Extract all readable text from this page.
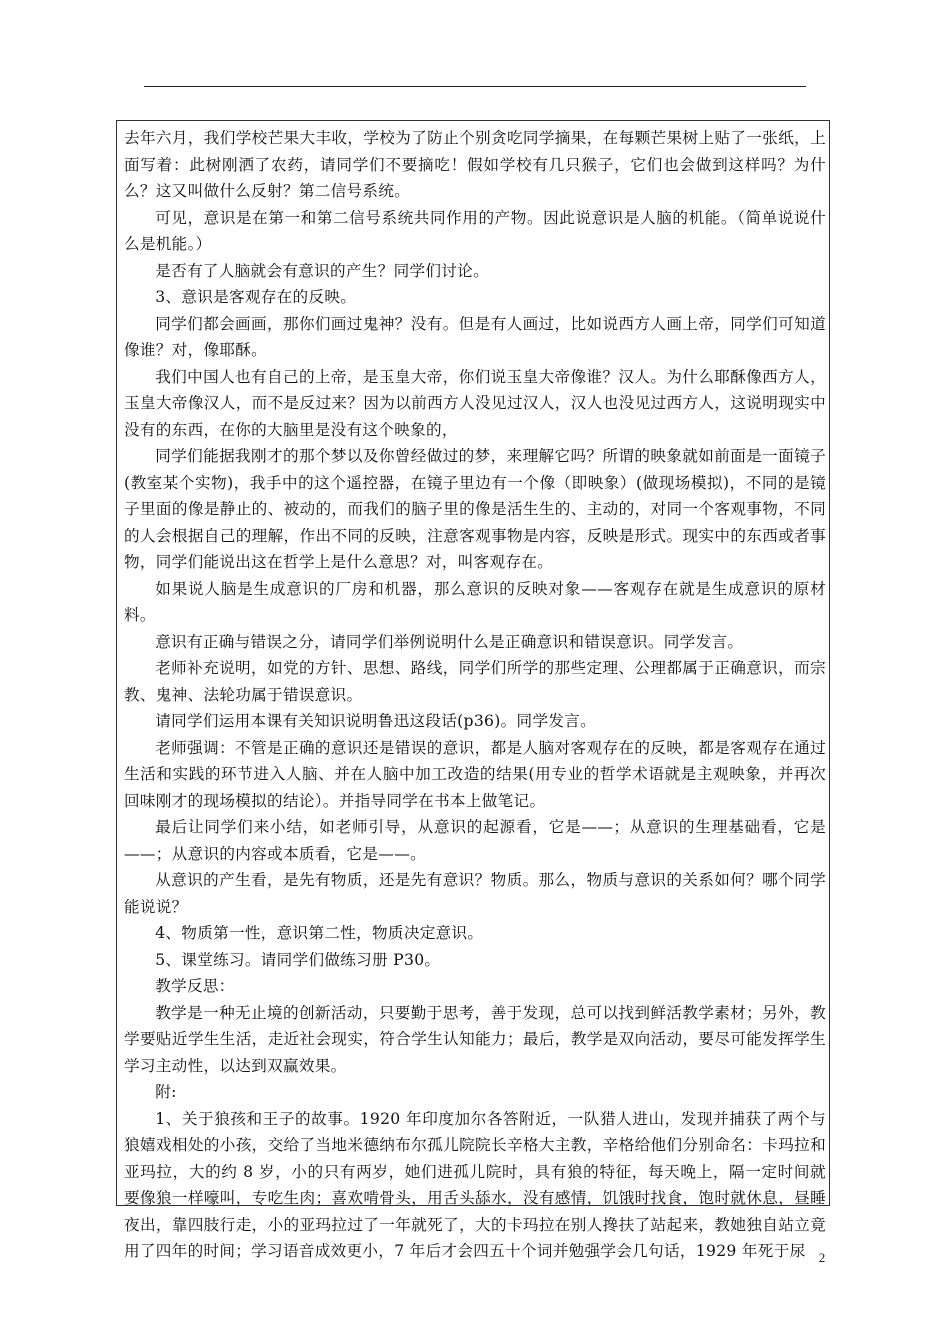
去年六月，我们学校芒果大丰收，学校为了防止个别贪吃同学摘果，在每颗芒果树上贴了一张纸，上面写着：此树刚洒了农药，请同学们不要摘吃！假如学校有几只猴子，它们也会做到这样吗？为什么？这又叫做什么反射？第二信号系统。

可见，意识是在第一和第二信号系统共同作用的产物。因此说意识是人脑的机能。（简单说说什么是机能。）

是否有了人脑就会有意识的产生？同学们讨论。

3、意识是客观存在的反映。

同学们都会画画，那你们画过鬼神？没有。但是有人画过，比如说西方人画上帝，同学们可知道像谁？对，像耶酥。

我们中国人也有自己的上帝，是玉皇大帝，你们说玉皇大帝像谁？汉人。为什么耶酥像西方人，玉皇大帝像汉人，而不是反过来？因为以前西方人没见过汉人，汉人也没见过西方人，这说明现实中没有的东西，在你的大脑里是没有这个映象的，

同学们能据我刚才的那个梦以及你曾经做过的梦，来理解它吗？所谓的映象就如前面是一面镜子(教室某个实物)，我手中的这个遥控器，在镜子里边有一个像（即映象）(做现场模拟)，不同的是镜子里面的像是静止的、被动的，而我们的脑子里的像是活生生的、主动的，对同一个客观事物，不同的人会根据自己的理解，作出不同的反映，注意客观事物是内容，反映是形式。现实中的东西或者事物，同学们能说出这在哲学上是什么意思？对，叫客观存在。

如果说人脑是生成意识的厂房和机器，那么意识的反映对象——客观存在就是生成意识的原材料。

意识有正确与错误之分，请同学们举例说明什么是正确意识和错误意识。同学发言。

老师补充说明，如党的方针、思想、路线，同学们所学的那些定理、公理都属于正确意识，而宗教、鬼神、法轮功属于错误意识。

请同学们运用本课有关知识说明鲁迅这段话(p36)。同学发言。

老师强调：不管是正确的意识还是错误的意识，都是人脑对客观存在的反映，都是客观存在通过生活和实践的环节进入人脑、并在人脑中加工改造的结果(用专业的哲学术语就是主观映象，并再次回味刚才的现场模拟的结论）。并指导同学在书本上做笔记。

最后让同学们来小结，如老师引导，从意识的起源看，它是——；从意识的生理基础看，它是——；从意识的内容或本质看，它是——。

从意识的产生看，是先有物质，还是先有意识？物质。那么，物质与意识的关系如何？哪个同学能说说？

4、物质第一性，意识第二性，物质决定意识。

5、课堂练习。请同学们做练习册 P30。

教学反思：

教学是一种无止境的创新活动，只要勤于思考，善于发现，总可以找到鲜活教学素材；另外，教学要贴近学生生活，走近社会现实，符合学生认知能力；最后，教学是双向活动，要尽可能发挥学生学习主动性，以达到双赢效果。

附:

1、关于狼孩和王子的故事。1920 年印度加尔各答附近，一队猎人进山，发现并捕获了两个与狼嬉戏相处的小孩，交给了当地米德纳布尔孤儿院院长辛格大主教，辛格给他们分别命名：卡玛拉和亚玛拉，大的约 8 岁，小的只有两岁，她们进孤儿院时，具有狼的特征，每天晚上，隔一定时间就要像狼一样嚎叫，专吃生肉；喜欢啃骨头，用舌头舔水，没有感情，饥饿时找食，饱时就休息，昼睡夜出，靠四肢行走，小的亚玛拉过了一年就死了，大的卡玛拉在别人搀扶了站起来，教她独自站立竟用了四年的时间；学习语音成效更小，7 年后才会四五十个词并勉强学会几句话，1929 年死于尿	2
